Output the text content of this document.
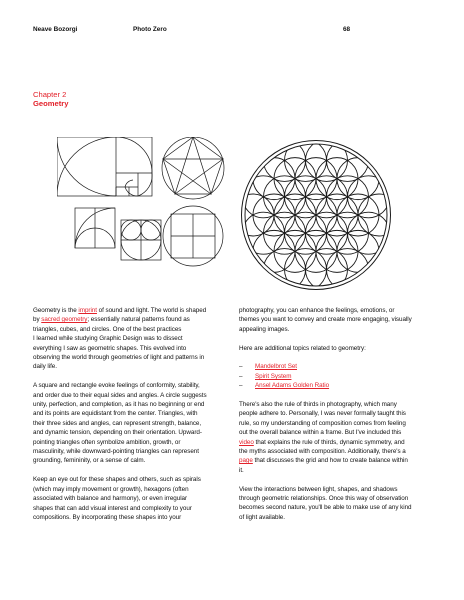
Neave Bozorgi	Photo Zero	68
Chapter 2
Geometry

Geometry is the imprint of sound and light. The world is shaped
by sacred geometry; essentially natural patterns found as
triangles, cubes, and circles. One of the best practices
I learned while studying Graphic Design was to dissect
everything I saw as geometric shapes. This evolved into
observing the world through geometries of light and patterns in
daily life.

A square and rectangle evoke feelings of conformity, stability,
and order due to their equal sides and angles. A circle suggests
unity, perfection, and completion, as it has no beginning or end
and its points are equidistant from the center. Triangles, with
their three sides and angles, can represent strength, balance,
and dynamic tension, depending on their orientation. Upward-
pointing triangles often symbolize ambition, growth, or
masculinity, while downward-pointing triangles can represent
grounding, femininity, or a sense of calm.

Keep an eye out for these shapes and others, such as spirals
(which may imply movement or growth), hexagons (often
associated with balance and harmony), or even irregular
shapes that can add visual interest and complexity to your
compositions. By incorporating these shapes into your

photography, you can enhance the feelings, emotions, or
themes you want to convey and create more engaging, visually
appealing images.

Here are additional topics related to geometry:

– Mandelbrot Set
– Spirit System
– Ansel Adams Golden Ratio

There's also the rule of thirds in photography, which many
people adhere to. Personally, I was never formally taught this
rule, so my understanding of composition comes from feeling
out the overall balance within a frame. But I've included this
video that explains the rule of thirds, dynamic symmetry, and
the myths associated with composition. Additionally, there's a
page that discusses the grid and how to create balance within
it.

View the interactions between light, shapes, and shadows
through geometric relationships. Once this way of observation
becomes second nature, you'll be able to make use of any kind
of light available.
